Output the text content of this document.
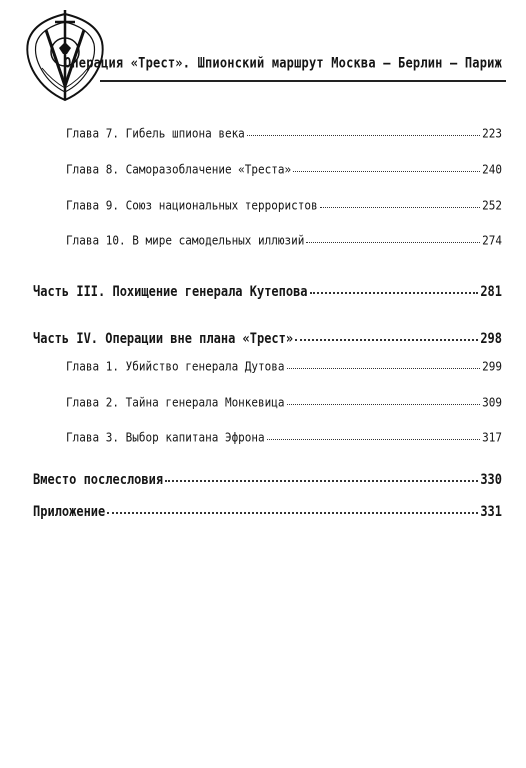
Операция «Трест». Шпионский маршрут Москва – Берлин – Париж
Глава 7. Гибель шпиона века	223
Глава 8. Саморазоблачение «Треста»	240
Глава 9. Союз национальных террористов	252
Глава 10. В мире самодельных иллюзий	274
Часть III. Похищение генерала Кутепова	281
Часть IV. Операции вне плана «Трест»	298
Глава 1. Убийство генерала Дутова	299
Глава 2. Тайна генерала Монкевица	309
Глава 3. Выбор капитана Эфрона	317
Вместо послесловия	330
Приложение	331
